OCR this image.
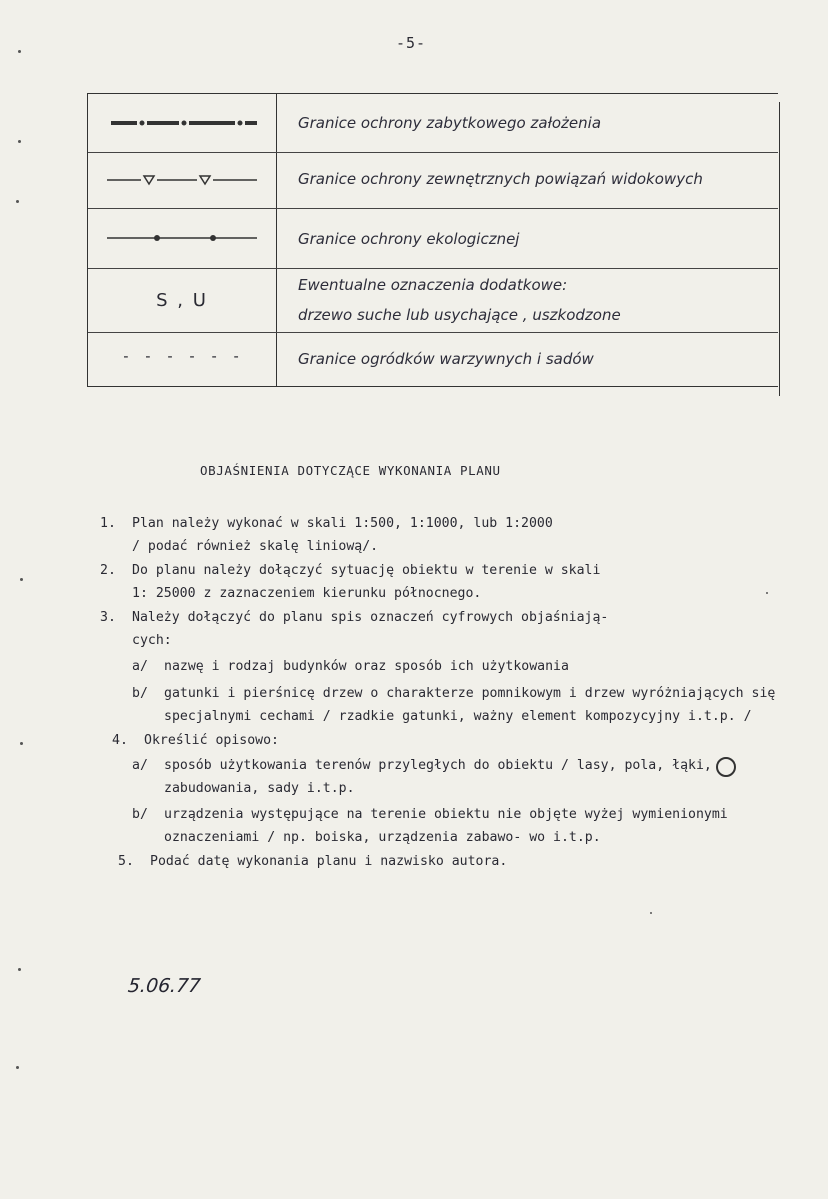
-5-
Granice ochrony zabytkowego założenia
Granice ochrony zewnętrznych powiązań widokowych
Granice ochrony ekologicznej
S , U
Ewentualne oznaczenia dodatkowe:
drzewo suche lub usychające , uszkodzone
- - - - - -	Granice ogródków warzywnych i sadów
OBJAŚNIENIA DOTYCZĄCE WYKONANIA PLANU
1. Plan należy wykonać w skali 1:500, 1:1000, lub 1:2000
/ podać również skalę liniową/.
2. Do planu należy dołączyć sytuację obiektu w terenie w skali
1: 25000 z zaznaczeniem kierunku północnego.
3. Należy dołączyć do planu spis oznaczeń cyfrowych objaśniają-
cych:
a/ nazwę i rodzaj budynków oraz sposób ich użytkowania
b/ gatunki i pierśnicę drzew o charakterze pomnikowym i drzew wyróżniających się specjalnymi cechami / rzadkie gatunki, ważny element kompozycyjny i.t.p. /
4. Określić opisowo:
a/ sposób użytkowania terenów przyległych do obiektu / lasy, pola, łąki, zabudowania, sady i.t.p.
b/ urządzenia występujące na terenie obiektu nie objęte wyżej wymienionymi oznaczeniami / np. boiska, urządzenia zabawo- wo i.t.p.
5. Podać datę wykonania planu i nazwisko autora.
5.06.77
